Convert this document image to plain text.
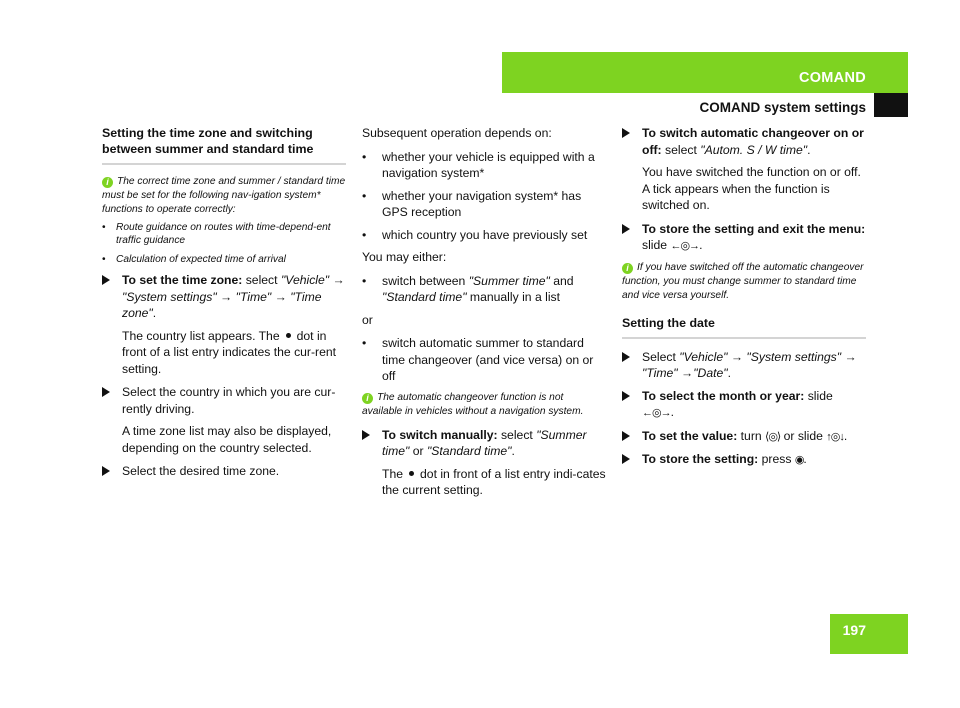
COMAND
COMAND system settings
Setting the time zone and switching between summer and standard time
i The correct time zone and summer / standard time must be set for the following nav-igation system* functions to operate correctly:
• Route guidance on routes with time-depend-ent traffic guidance
• Calculation of expected time of arrival
To set the time zone: select "Vehicle" → "System settings" → "Time" → "Time zone".

The country list appears. The dot in front of a list entry indicates the cur-rent setting.

Select the country in which you are cur-rently driving.

A time zone list may also be displayed, depending on the country selected.

Select the desired time zone.

Subsequent operation depends on:

• whether your vehicle is equipped with a navigation system*
• whether your navigation system* has GPS reception
• which country you have previously set

You may either:

• switch between "Summer time" and "Standard time" manually in a list

or

• switch automatic summer to standard time changeover (and vice versa) on or off
i The automatic changeover function is not available in vehicles without a navigation system.
To switch manually: select "Summer time" or "Standard time".

The dot in front of a list entry indi-cates the current setting.

To switch automatic changeover on or off: select "Autom. S / W time".

You have switched the function on or off. A tick appears when the function is switched on.

To store the setting and exit the menu: slide ←◎→.
i If you have switched off the automatic changeover function, you must change summer to standard time and vice versa yourself.
Setting the date
Select "Vehicle" → "System settings" → "Time" →"Date".
To select the month or year: slide ←◎→.
To set the value: turn ⟨◎⟩ or slide ↑◎↓.
To store the setting: press ◉.
197
